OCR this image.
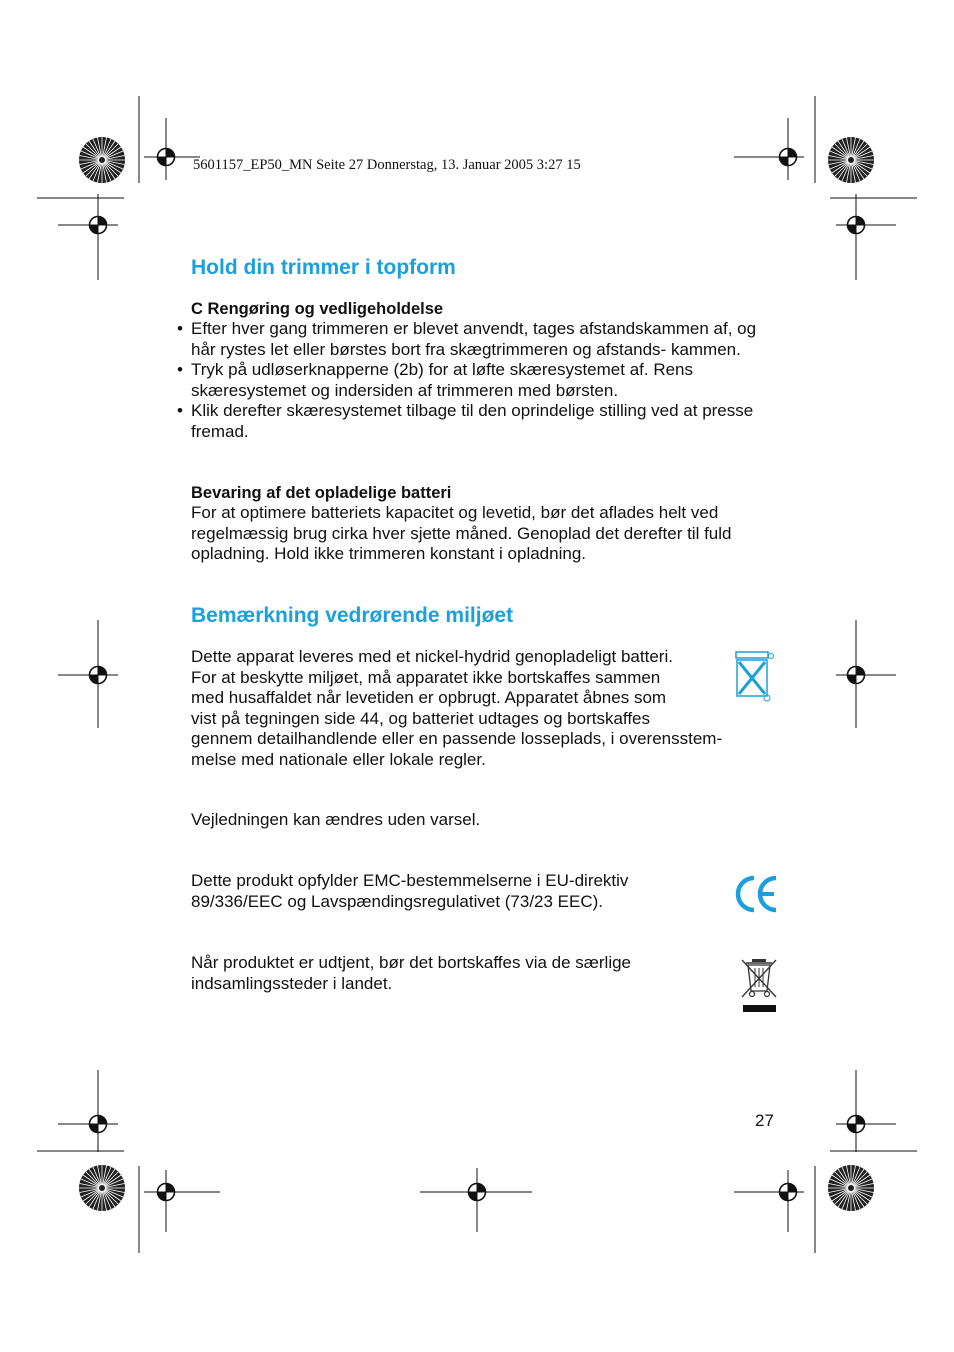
5601157_EP50_MN Seite 27 Donnerstag, 13. Januar 2005 3:27 15
Hold din trimmer i topform
C Rengøring og vedligeholdelse
• Efter hver gang trimmeren er blevet anvendt, tages afstandskammen af, og hår rystes let eller børstes bort fra skægtrimmeren og afstands- kammen.
• Tryk på udløserknapperne (2b) for at løfte skæresystemet af. Rens skæresystemet og indersiden af trimmeren med børsten.
• Klik derefter skæresystemet tilbage til den oprindelige stilling ved at presse fremad.
Bevaring af det opladelige batteri

For at optimere batteriets kapacitet og levetid, bør det aflades helt ved regelmæssig brug cirka hver sjette måned. Genoplad det derefter til fuld opladning. Hold ikke trimmeren konstant i opladning.

Bemærkning vedrørende miljøet
Dette apparat leveres med et nickel-hydrid genopladeligt batteri.
For at beskytte miljøet, må apparatet ikke bortskaffes sammen
med husaffaldet når levetiden er opbrugt. Apparatet åbnes som
vist på tegningen side 44, og batteriet udtages og bortskaffes
gennem detailhandlende eller en passende losseplads, i overensstem-
melse med nationale eller lokale regler.

Vejledningen kan ændres uden varsel.

Dette produkt opfylder EMC-bestemmelserne i EU-direktiv
89/336/EEC og Lavspændingsregulativet (73/23 EEC).
Når produktet er udtjent, bør det bortskaffes via de særlige
indsamlingssteder i landet.
27
